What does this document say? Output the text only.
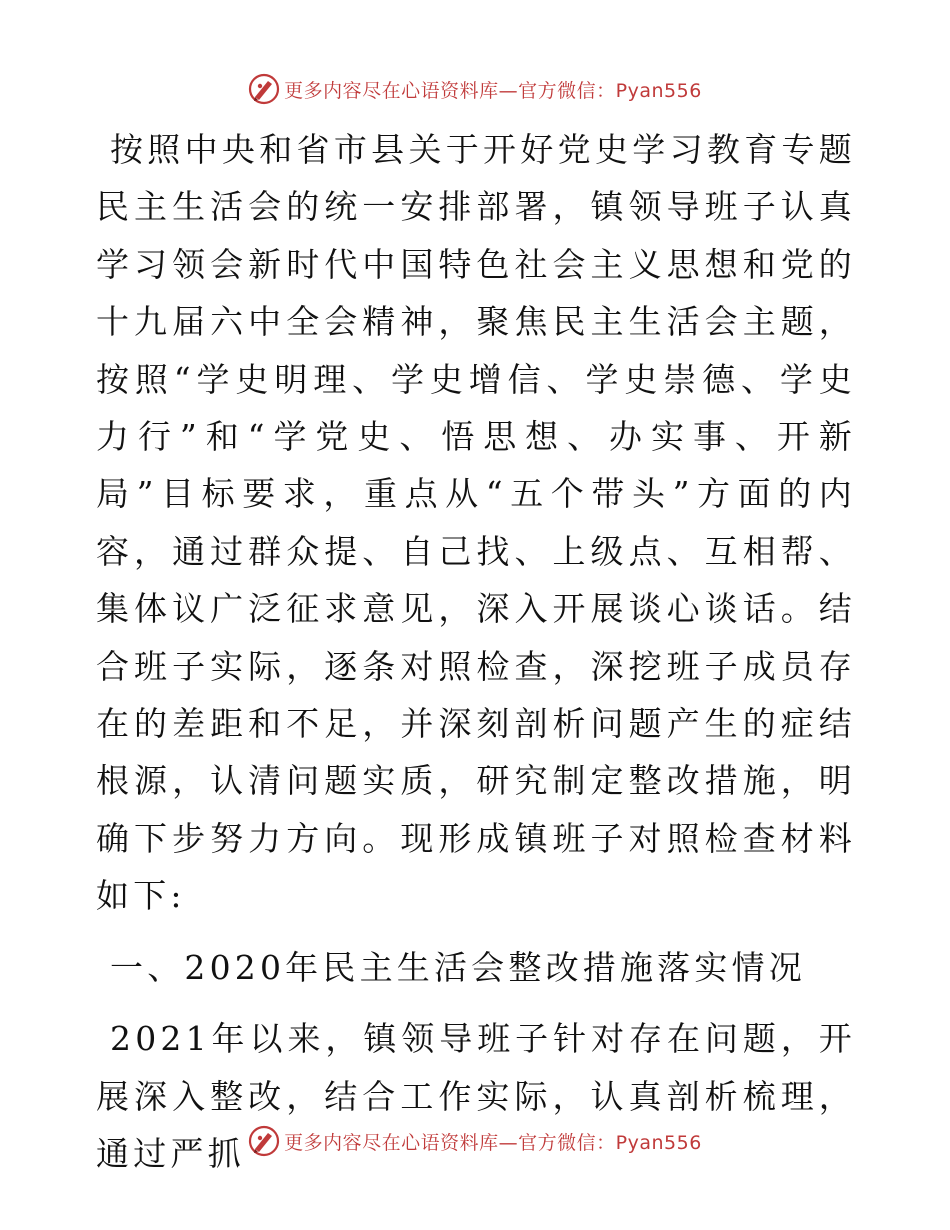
更多内容尽在心语资料库—官方微信：Pyan556

按照中央和省市县关于开好党史学习教育专题民主生活会的统一安排部署，镇领导班子认真学习领会新时代中国特色社会主义思想和党的十九届六中全会精神，聚焦民主生活会主题，按照“学史明理、学史增信、学史崇德、学史力行”和“学党史、悟思想、办实事、开新局”目标要求，重点从“五个带头”方面的内容，通过群众提、自己找、上级点、互相帮、集体议广泛征求意见，深入开展谈心谈话。结合班子实际，逐条对照检查，深挖班子成员存在的差距和不足，并深刻剖析问题产生的症结根源，认清问题实质，研究制定整改措施，明确下步努力方向。现形成镇班子对照检查材料如下:

一、2020年民主生活会整改措施落实情况

2021年以来，镇领导班子针对存在问题，开展深入整改，结合工作实际，认真剖析梳理，通过严抓	更多内容尽在心语资料库—官方微信：Pyan556
